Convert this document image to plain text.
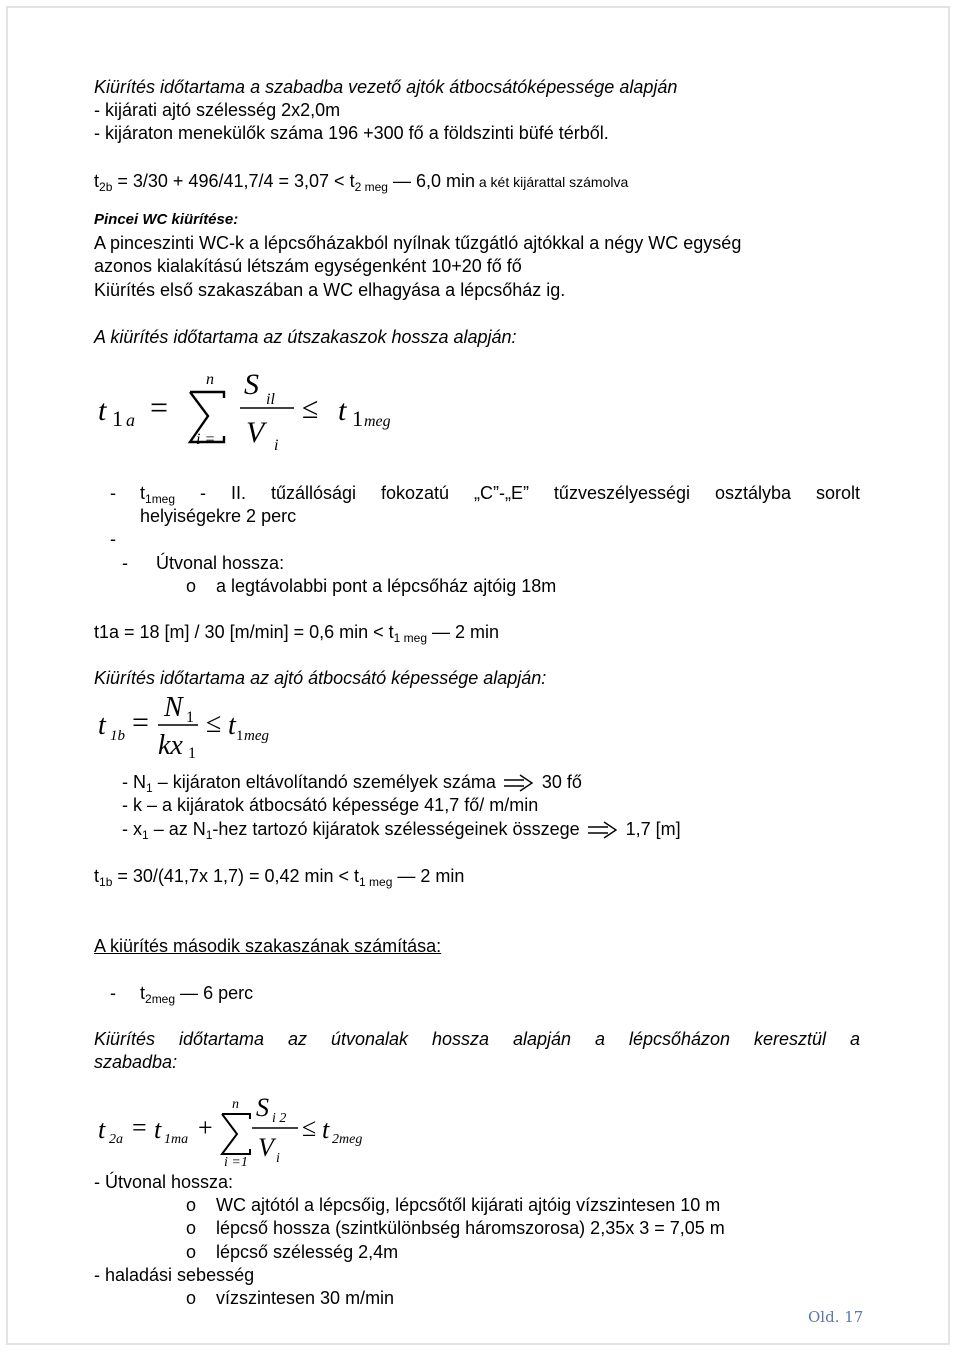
Kiürítés időtartama a szabadba vezető ajtók átbocsátóképessége alapján
- kijárati ajtó szélesség 2x2,0m
- kijáraton menekülők száma 196 +300 fő a földszinti büfé térből.
$t_{2b} = 3/30 + 496/41,7/4 = 3,07 < t_{2 meg}$ — 6,0 min a két kijárattal számolva
Pincei WC kiürítése:
A pinceszinti WC-k a lépcsőházakból nyílnak tűzgátló ajtókkal a négy WC egység
azonos kialakítású létszám egységenként 10+20 fő fő
Kiürítés első szakaszában a WC elhagyása a lépcsőház ig.
A kiürítés időtartama az útszakaszok hossza alapján:
t 1 a =
n
i =
S il
V i
≤ t 1 meg
- $t_{1meg}$ - II. tűzállósági fokozatú „C”-„E” tűzveszélyességi osztályba sorolt
helyiségekre 2 perc
-
- Útvonal hossza:
o a legtávolabbi pont a lépcsőház ajtóig 18m
t1a = 18 [m] / 30 [m/min] = 0,6 $\min < t_{1 meg}$ — 2 min
Kiürítés időtartama az ajtó átbocsátó képessége alapján:
t 1b = N 1
kx 1
≤ t 1 meg
- $N_1$ – kijáraton eltávolítandó személyek száma	30 fő
- k – a kijáratok átbocsátó képessége 41,7 fő/ m/min
- $x_1$ – az $N_1$-hez tartozó kijáratok szélességeinek összege	1,7 [m]
$t_{1b} = 30/(41,7x$ 1,7) = 0,42 $\min < t_{1 meg}$ — 2 min
A kiürítés második szakaszának számítása:
- $t_{2meg}$ — 6 perc
Kiürítés időtartama az útvonalak hossza alapján a lépcsőházon keresztül a
szabadba:
t 2a = t 1ma +
n
i =1
S i 2
V i
≤ t 2meg
- Útvonal hossza:
o WC ajtótól a lépcsőig, lépcsőtől kijárati ajtóig vízszintesen 10 m
o lépcső hossza (szintkülönbség háromszorosa) 2,35x 3 = 7,05 m
o lépcső szélesség 2,4m
- haladási sebesség
o vízszintesen 30 m/min
Old. 17
